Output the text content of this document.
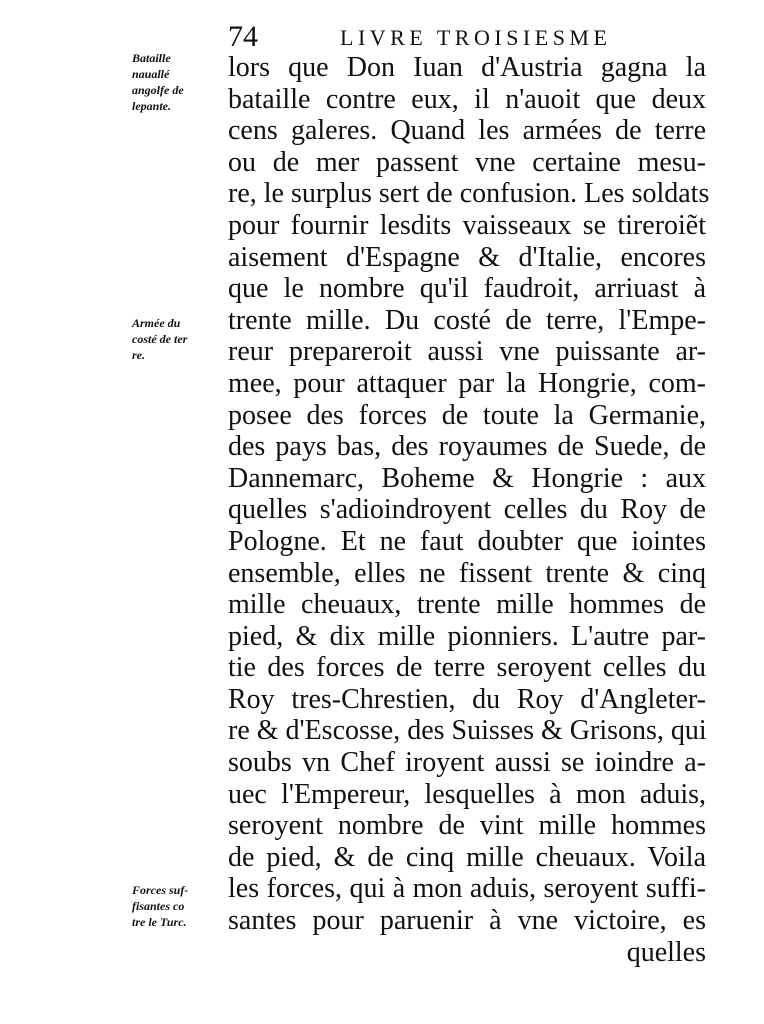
74	LIVRE TROISIESME
Bataille
nauallé
angolfe de
lepante.
Armée du
costé de ter
re.
Forces suf-
fisantes co
tre le Turc.
lors que Don Iuan d'Austria gagna la
bataille contre eux, il n'auoit que deux
cens galeres. Quand les armées de terre
ou de mer passent vne certaine mesu-
re, le surplus sert de confusion. Les soldats
pour fournir lesdits vaisseaux se tireroiẽt
aisement d'Espagne & d'Italie, encores
que le nombre qu'il faudroit, arriuast à
trente mille. Du costé de terre, l'Empe-
reur prepareroit aussi vne puissante ar-
mee, pour attaquer par la Hongrie, com-
posee des forces de toute la Germanie,
des pays bas, des royaumes de Suede, de
Dannemarc, Boheme & Hongrie : aux
quelles s'adioindroyent celles du Roy de
Pologne. Et ne faut doubter que iointes
ensemble, elles ne fissent trente & cinq
mille cheuaux, trente mille hommes de
pied, & dix mille pionniers. L'autre par-
tie des forces de terre seroyent celles du
Roy tres-Chrestien, du Roy d'Angleter-
re & d'Escosse, des Suisses & Grisons, qui
soubs vn Chef iroyent aussi se ioindre a-
uec l'Empereur, lesquelles à mon aduis,
seroyent nombre de vint mille hommes
de pied, & de cinq mille cheuaux. Voila
les forces, qui à mon aduis, seroyent suffi-
santes pour paruenir à vne victoire, es
quelles
